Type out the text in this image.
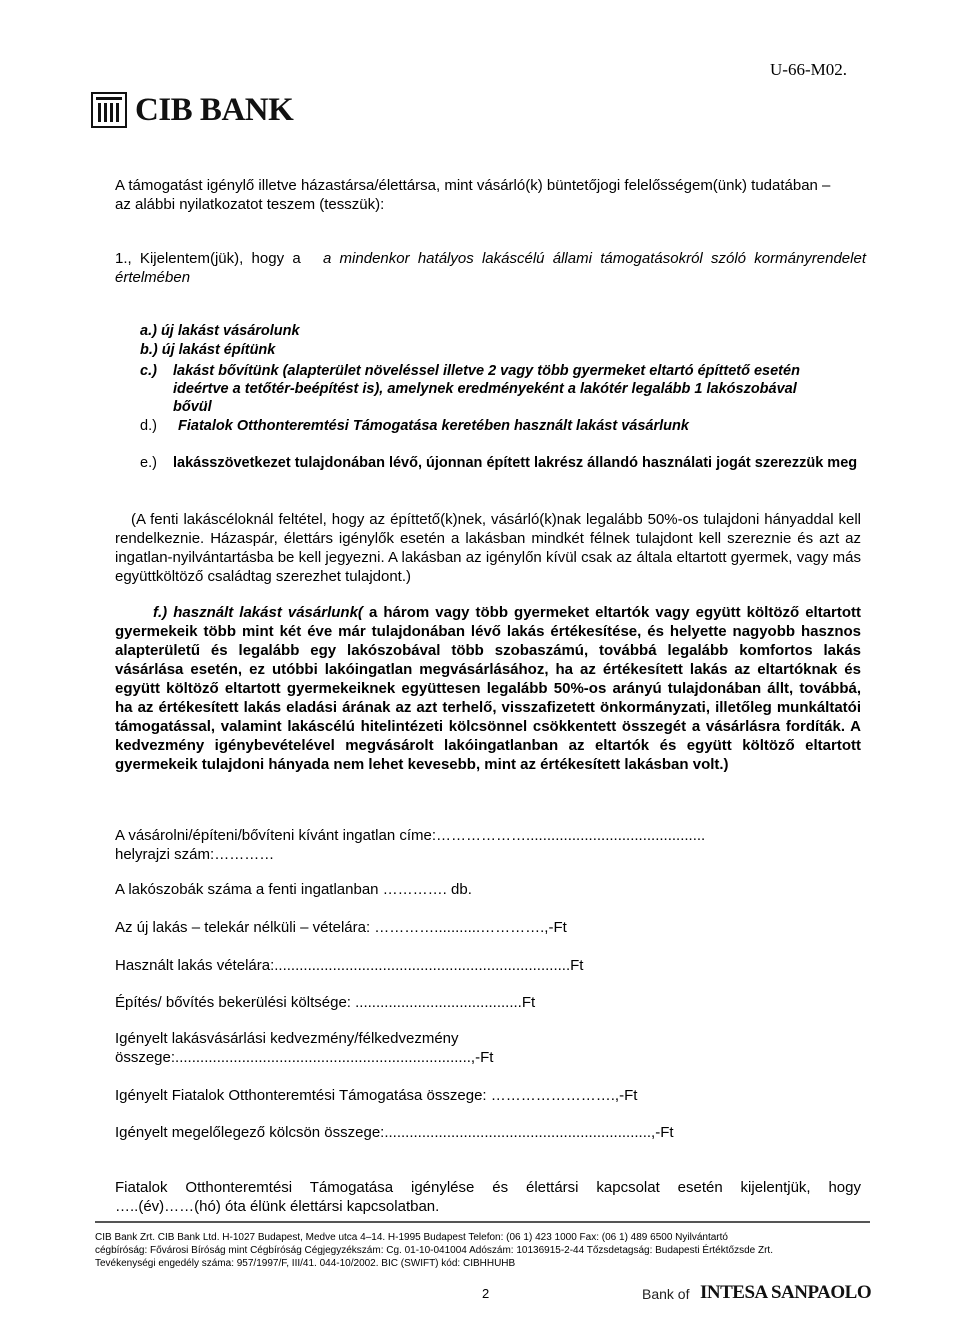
U-66-M02.
CIB BANK
A támogatást igénylő illetve házastársa/élettársa, mint vásárló(k) büntetőjogi felelősségem(ünk) tudatában – az alábbi nyilatkozatot teszem (tesszük):
1., Kijelentem(jük), hogy a a mindenkor hatályos lakáscélú állami támogatásokról szóló kormányrendelet értelmében
a.) új lakást vásárolunk
b.) új lakást építünk
c.) lakást bővítünk (alapterület növeléssel illetve 2 vagy több gyermeket eltartó építtető esetén ideértve a tetőtér-beépítést is), amelynek eredményeként a lakótér legalább 1 lakószobával bővül
d.) Fiatalok Otthonteremtési Támogatása keretében használt lakást vásárlunk
e.) lakásszövetkezet tulajdonában lévő, újonnan épített lakrész állandó használati jogát szerezzük meg
(A fenti lakáscéloknál feltétel, hogy az építtető(k)nek, vásárló(k)nak legalább 50%-os tulajdoni hányaddal kell rendelkeznie. Házaspár, élettárs igénylők esetén a lakásban mindkét félnek tulajdont kell szereznie és azt az ingatlan-nyilvántartásba be kell jegyezni. A lakásban az igénylőn kívül csak az általa eltartott gyermek, vagy más együttköltöző családtag szerezhet tulajdont.)
f.) használt lakást vásárlunk( a három vagy több gyermeket eltartók vagy együtt költöző eltartott gyermekeik több mint két éve már tulajdonában lévő lakás értékesítése, és helyette nagyobb hasznos alapterületű és legalább egy lakószobával több szobaszámú, továbbá legalább komfortos lakás vásárlása esetén, ez utóbbi lakóingatlan megvásárlásához, ha az értékesített lakás az eltartóknak és együtt költöző eltartott gyermekeiknek együttesen legalább 50%-os arányú tulajdonában állt, továbbá, ha az értékesített lakás eladási árának az azt terhelő, visszafizetett önkormányzati, illetőleg munkáltatói támogatással, valamint lakáscélú hitelintézeti kölcsönnel csökkentett összegét a vásárlásra fordíták. A kedvezmény igénybevételével megvásárolt lakóingatlanban az eltartók és együtt költöző eltartott gyermekeik tulajdoni hányada nem lehet kevesebb, mint az értékesített lakásban volt.)
A vásárolni/építeni/bővíteni kívánt ingatlan címe:………………...........................................
helyrajzi szám:…………
A lakószobák száma a fenti ingatlanban …………. db.
Az új lakás – telekár nélküli – vételára: …………...........………….,-Ft
Használt lakás vételára:.......................................................................Ft
Építés/ bővítés bekerülési költsége: ........................................Ft
Igényelt lakásvásárlási kedvezmény/félkedvezmény
összege:.......................................................................,-Ft
Igényelt Fiatalok Otthonteremtési Támogatása összege: …………………….,-Ft
Igényelt megelőlegező kölcsön összege:................................................................,-Ft
Fiatalok Otthonteremtési Támogatása igénylése és élettársi kapcsolat esetén kijelentjük, hogy
…..(év)……(hó) óta élünk élettársi kapcsolatban.
CIB Bank Zrt. CIB Bank Ltd. H-1027 Budapest, Medve utca 4–14. H-1995 Budapest Telefon: (06 1) 423 1000 Fax: (06 1) 489 6500 Nyilvántartó
cégbíróság: Fővárosi Bíróság mint Cégbíróság Cégjegyzékszám: Cg. 01-10-041004 Adószám: 10136915-2-44 Tőzsdetagság: Budapesti Értéktőzsde Zrt.
Tevékenységi engedély száma: 957/1997/F, III/41. 044-10/2002. BIC (SWIFT) kód: CIBHHUHB
2	Bank of INTESA SANPAOLO
